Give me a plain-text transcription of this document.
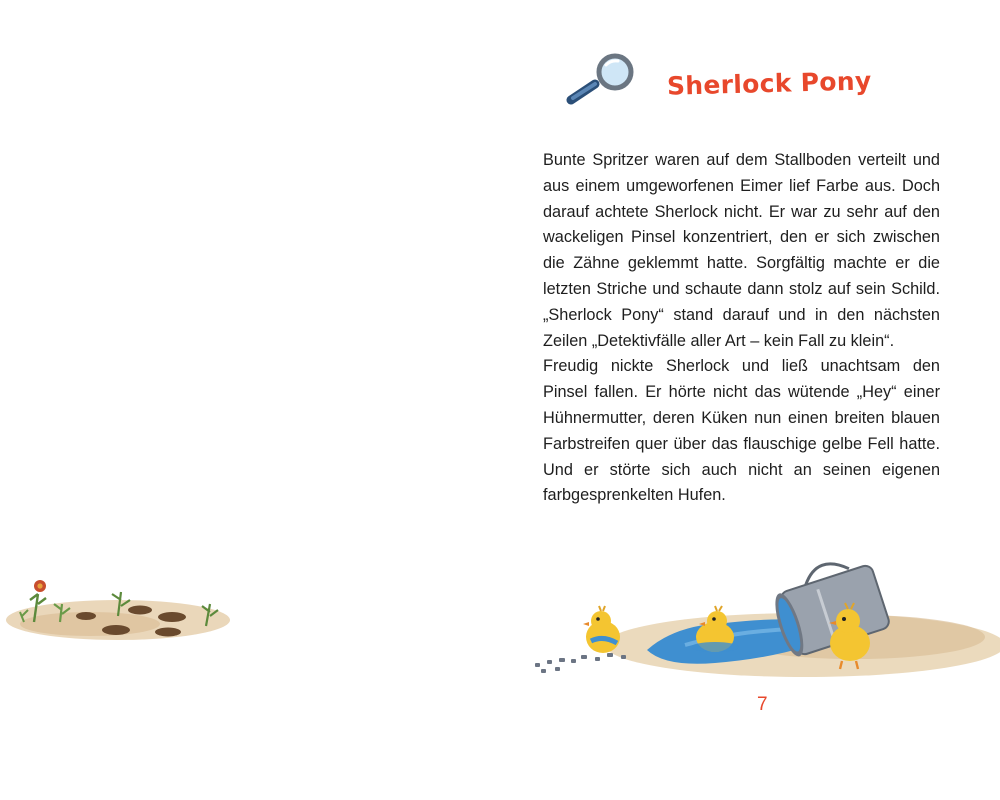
Sherlock Pony

Bunte Spritzer waren auf dem Stallboden verteilt und aus einem umgeworfenen Eimer lief Farbe aus. Doch darauf achtete Sherlock nicht. Er war zu sehr auf den wackeligen Pinsel konzentriert, den er sich zwischen die Zähne geklemmt hatte. Sorgfältig machte er die letzten Striche und schaute dann stolz auf sein Schild. „Sherlock Pony“ stand darauf und in den nächsten Zeilen „Detektivfälle aller Art – kein Fall zu klein“.

Freudig nickte Sherlock und ließ unachtsam den Pinsel fallen. Er hörte nicht das wütende „Hey“ einer Hühnermutter, deren Küken nun einen breiten blauen Farbstreifen quer über das flauschige gelbe Fell hatte. Und er störte sich auch nicht an seinen eigenen farbgesprenkelten Hufen.

7
